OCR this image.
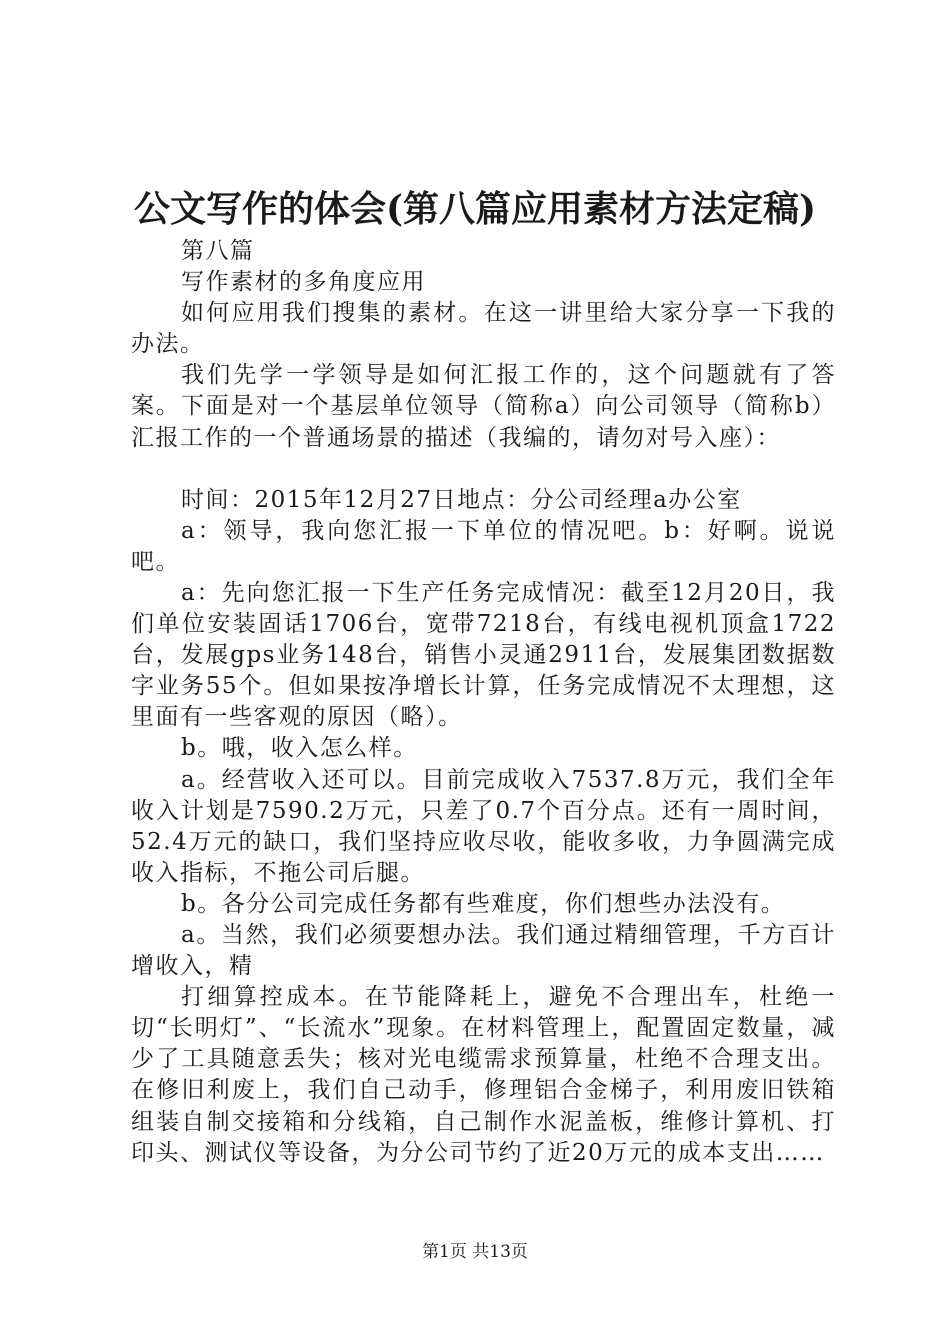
公文写作的体会(第八篇应用素材方法定稿)

第八篇

写作素材的多角度应用

如何应用我们搜集的素材。在这一讲里给大家分享一下我的办法。

我们先学一学领导是如何汇报工作的，这个问题就有了答案。下面是对一个基层单位领导（简称a）向公司领导（简称b）汇报工作的一个普通场景的描述（我编的，请勿对号入座）：

时间：2015年12月27日地点：分公司经理a办公室

a：领导，我向您汇报一下单位的情况吧。b：好啊。说说吧。

a：先向您汇报一下生产任务完成情况：截至12月20日，我们单位安装固话1706台，宽带7218台，有线电视机顶盒1722台，发展gps业务148台，销售小灵通2911台，发展集团数据数字业务55个。但如果按净增长计算，任务完成情况不太理想，这里面有一些客观的原因（略）。

b。哦，收入怎么样。

a。经营收入还可以。目前完成收入7537.8万元，我们全年收入计划是7590.2万元，只差了0.7个百分点。还有一周时间，52.4万元的缺口，我们坚持应收尽收，能收多收，力争圆满完成收入指标，不拖公司后腿。

b。各分公司完成任务都有些难度，你们想些办法没有。

a。当然，我们必须要想办法。我们通过精细管理，千方百计增收入，精

打细算控成本。在节能降耗上，避免不合理出车，杜绝一切“长明灯”、“长流水”现象。在材料管理上，配置固定数量，减少了工具随意丢失；核对光电缆需求预算量，杜绝不合理支出。在修旧利废上，我们自己动手，修理铝合金梯子，利用废旧铁箱组装自制交接箱和分线箱，自己制作水泥盖板，维修计算机、打印头、测试仪等设备，为分公司节约了近20万元的成本支出……

第1页 共13页
